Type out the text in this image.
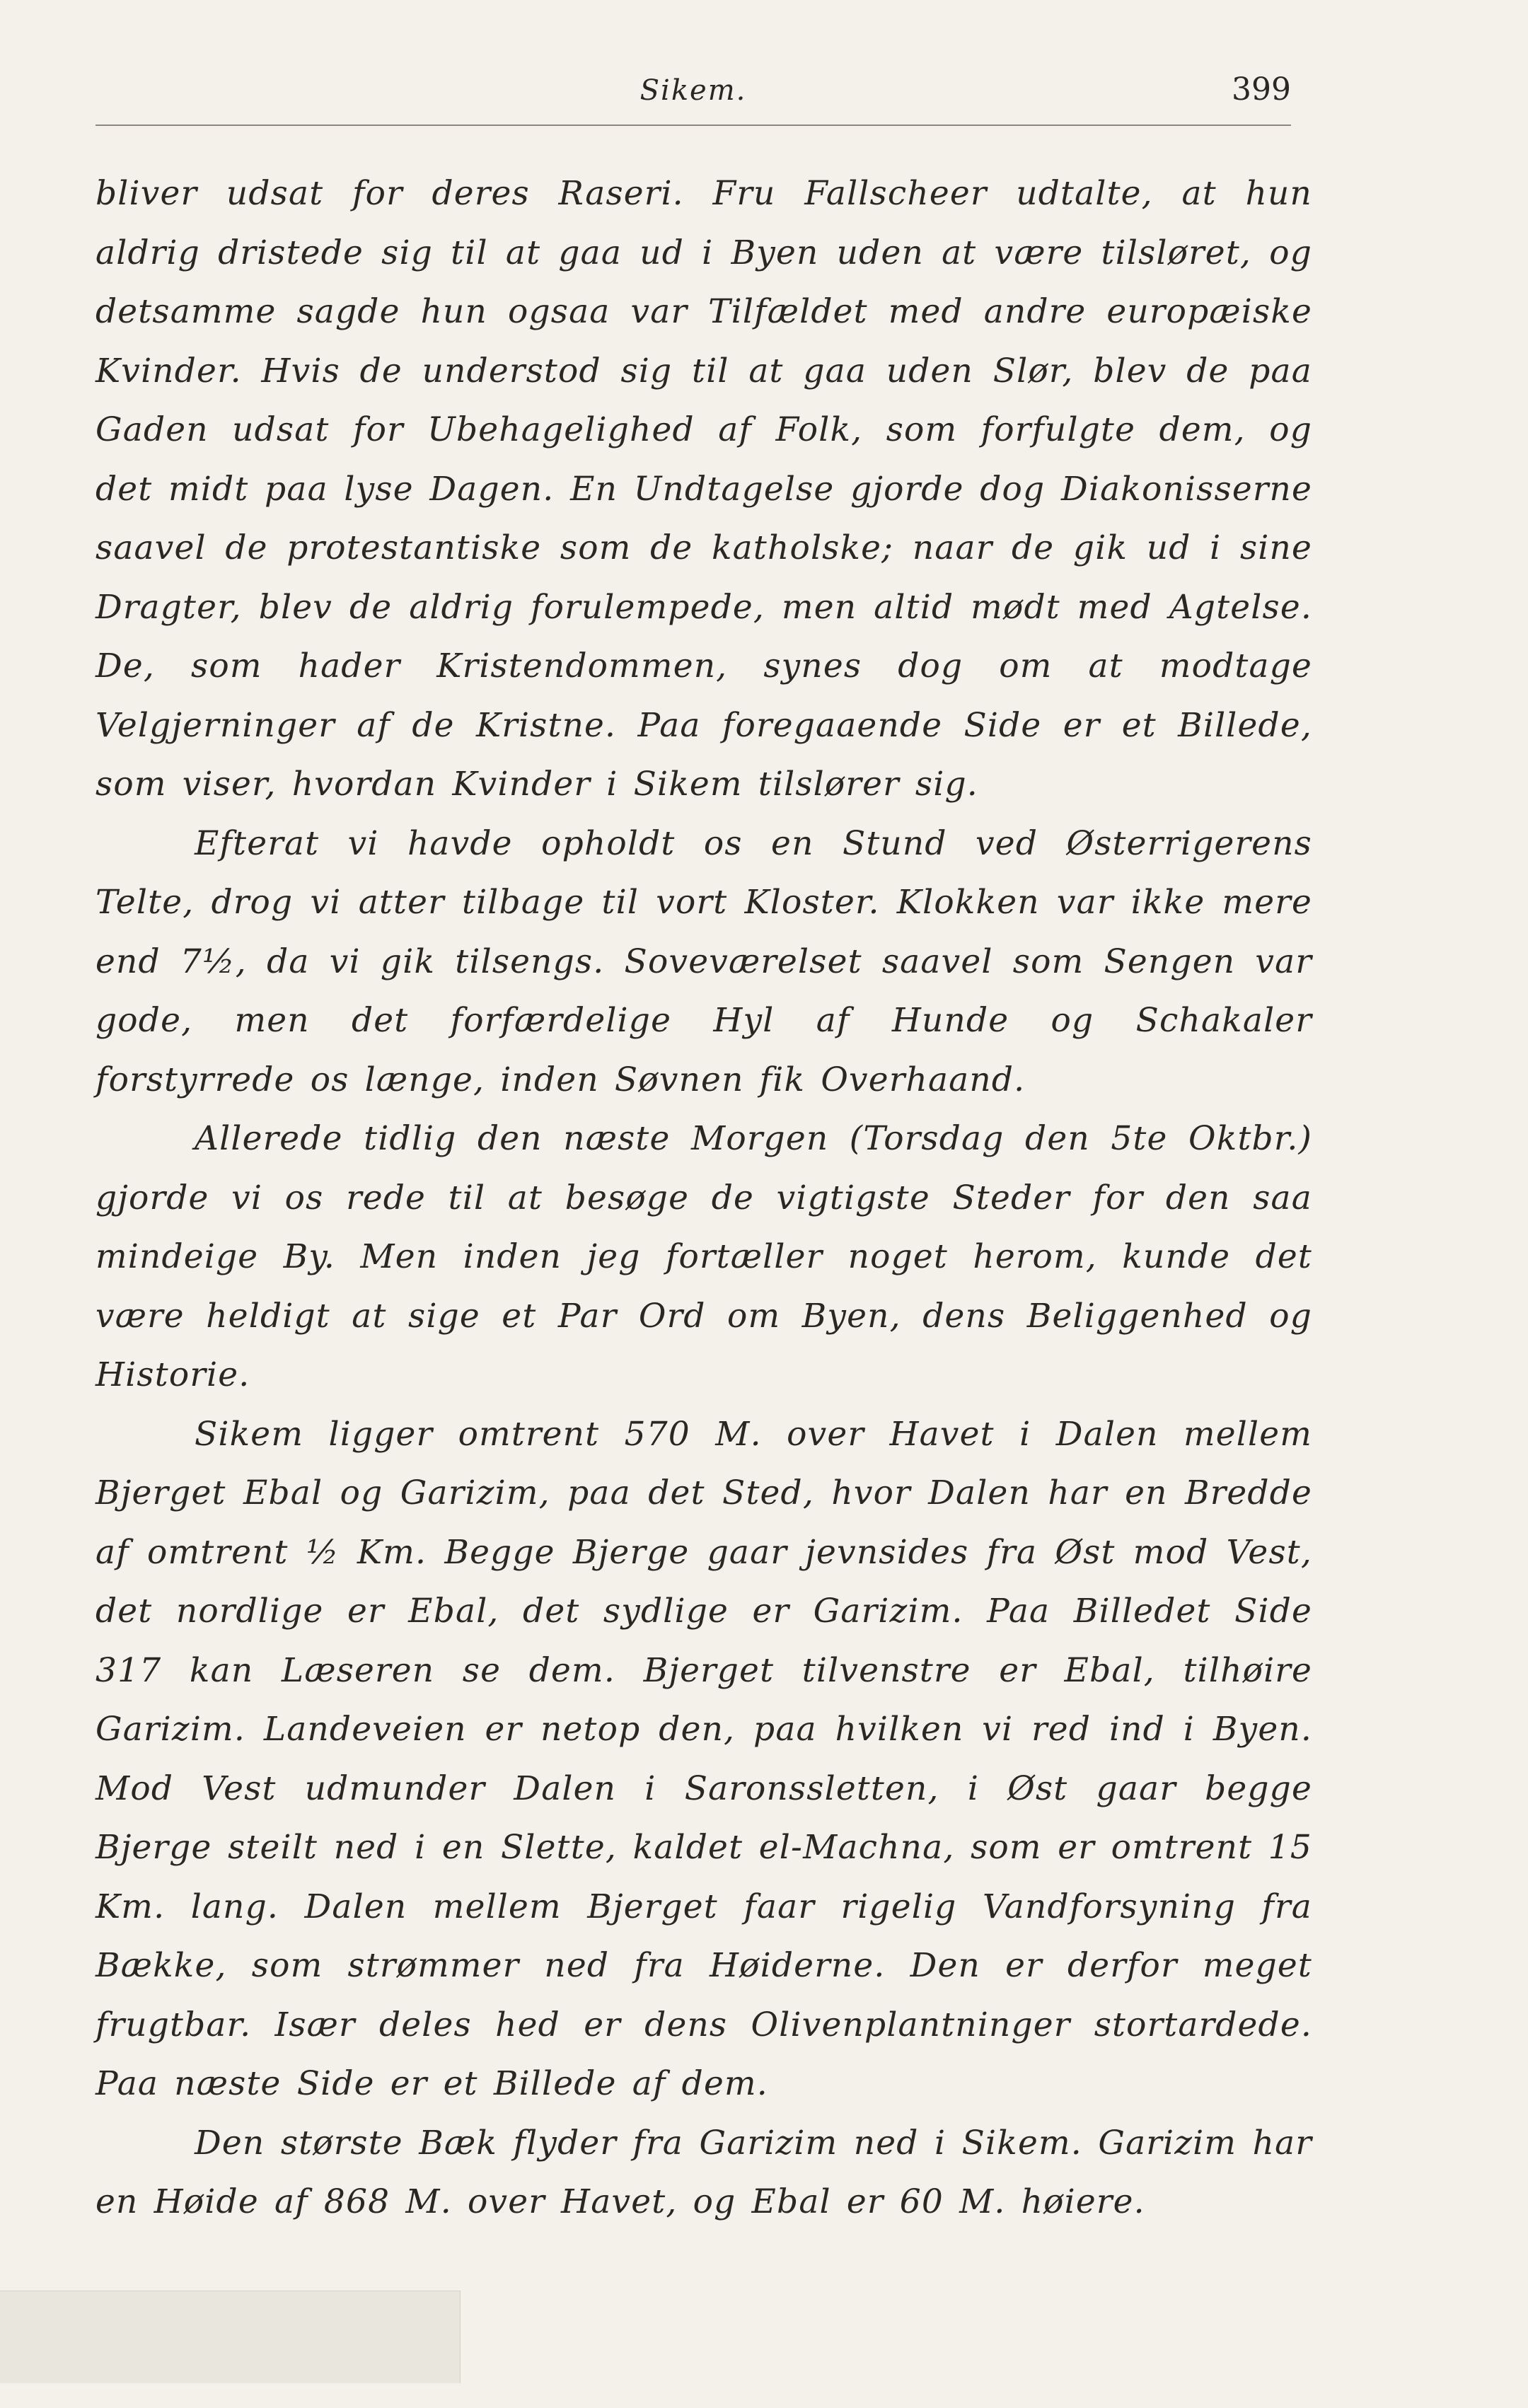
Sikem.	399

bliver udsat for deres Raseri. Fru Fallscheer udtalte, at hun aldrig dristede sig til at gaa ud i Byen uden at være tilsløret, og detsamme sagde hun ogsaa var Tilfældet med andre europæiske Kvinder. Hvis de understod sig til at gaa uden Slør, blev de paa Gaden udsat for Ubehagelighed af Folk, som forfulgte dem, og det midt paa lyse Dagen. En Undtagelse gjorde dog Diakonisserne saavel de protestantiske som de katholske; naar de gik ud i sine Dragter, blev de aldrig forulempede, men altid mødt med Agtelse. De, som hader Kristendommen, synes dog om at modtage Velgjerninger af de Kristne. Paa foregaaende Side er et Billede, som viser, hvordan Kvinder i Sikem tilslører sig.

Efterat vi havde opholdt os en Stund ved Østerrigerens Telte, drog vi atter tilbage til vort Kloster. Klokken var ikke mere end 7½, da vi gik tilsengs. Soveværelset saavel som Sengen var gode, men det forfærdelige Hyl af Hunde og Schakaler forstyrrede os længe, inden Søvnen fik Overhaand.

Allerede tidlig den næste Morgen (Torsdag den 5te Oktbr.) gjorde vi os rede til at besøge de vigtigste Steder for den saa mindeige By. Men inden jeg fortæller noget herom, kunde det være heldigt at sige et Par Ord om Byen, dens Beliggenhed og Historie.

Sikem ligger omtrent 570 M. over Havet i Dalen mellem Bjerget Ebal og Garizim, paa det Sted, hvor Dalen har en Bredde af omtrent ½ Km. Begge Bjerge gaar jevnsides fra Øst mod Vest, det nordlige er Ebal, det sydlige er Garizim. Paa Billedet Side 317 kan Læseren se dem. Bjerget tilvenstre er Ebal, tilhøire Garizim. Landeveien er netop den, paa hvilken vi red ind i Byen. Mod Vest udmunder Dalen i Saronssletten, i Øst gaar begge Bjerge steilt ned i en Slette, kaldet el-Machna, som er omtrent 15 Km. lang. Dalen mellem Bjerget faar rigelig Vandforsyning fra Bække, som strømmer ned fra Høiderne. Den er derfor meget frugtbar. Især deles hed er dens Olivenplantninger stortardede. Paa næste Side er et Billede af dem.

Den største Bæk flyder fra Garizim ned i Sikem. Garizim har en Høide af 868 M. over Havet, og Ebal er 60 M. høiere.
